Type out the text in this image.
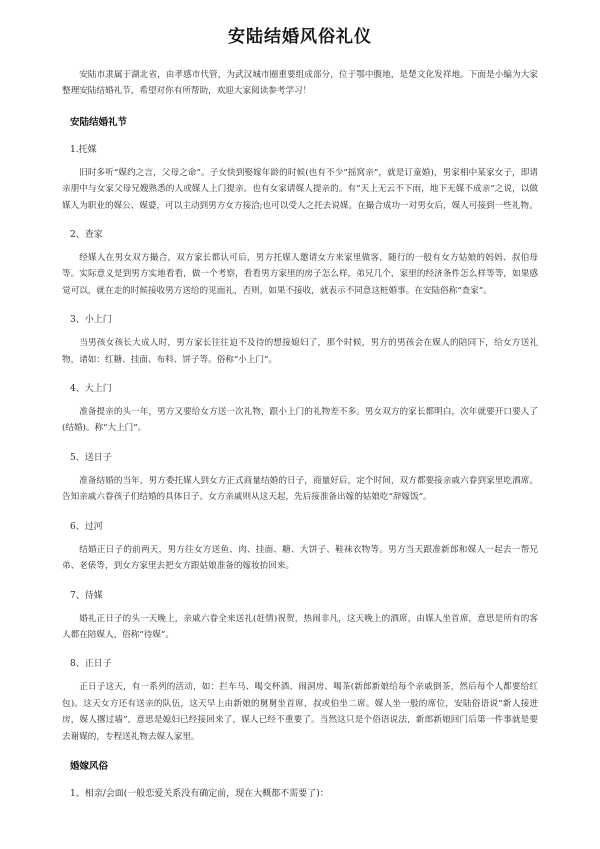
安陆结婚风俗礼仪

安陆市隶属于湖北省，由孝感市代管，为武汉城市圈重要组成部分，位于鄂中腹地，是楚文化发祥地。下面是小编为大家整理安陆结婚礼节，希望对你有所帮助，欢迎大家阅读参考学习！

安陆结婚礼节
1.托媒

旧时多听“媒约之言，父母之命”。子女快到娶嫁年龄的时候(也有不少“摇窝亲”，就是订童婚)，男家相中某家女子，即请亲朋中与女家父母兄嫂熟悉的人或媒人上门提亲。也有女家请媒人提亲的。有“天上无云不下雨，地下无媒不成亲”之说，以做媒人为职业的媒公、媒婆，可以主动到男方女方接洽;也可以受人之托去说媒。在撮合成功一对男女后，媒人可接到一些礼物。

2、查家

经媒人在男女双方撮合，双方家长都认可后，男方托媒人邀请女方来家里做客，随行的一般有女方姑娘的妈妈、叔伯母等。实际意义是到男方实地看看，做一个考察，看看男方家里的房子怎么样，弟兄几个，家里的经济条件怎么样等等，如果感觉可以，就在走的时候接收男方送给的见面礼，否则，如果不接收，就表示不同意这桩婚事。在安陆俗称“查家”。

3、小上门

当男孩女孩长大成人时，男方家长往往迫不及待的想接媳妇了，那个时候，男方的男孩会在媒人的陪同下，给女方送礼物，诸如：红糖、挂面、布料、饼子等。俗称“小上门”。

4、大上门

准备提亲的头一年，男方又要给女方送一次礼物，跟小上门的礼物差不多。男女双方的家长都明白，次年就要开口要人了(结婚)。称“大上门”。

5、送日子

准备结婚的当年，男方委托媒人到女方正式商量结婚的日子，商量好后，定个时间，双方都要接亲戚六眷到家里吃酒席。告知亲戚六眷孩子们结婚的具体日子。女方亲戚则从这天起，先后接准备出嫁的姑娘吃“辞嫁饭”。

6、过河

结婚正日子的前两天，男方往女方送鱼、肉、挂面、糖、大饼子、鞋袜衣物等。男方当天跟准新郎和媒人一起去一帮兄弟、老俵等，到女方家里去把女方跟姑娘准备的嫁妆抬回来。

7、待媒

婚礼正日子的头一天晚上，亲戚六眷全来送礼(赶情)祝贺，热闹非凡，这天晚上的酒席，由媒人坐首席，意思是所有的客人都在陪媒人，俗称“待媒”。

8、正日子

正日子这天，有一系列的活动，如：拦车马、喝交杯酒、闹洞房、喝茶(新郎新娘给每个亲戚倒茶，然后每个人都要给红包)。这天女方还有送亲的队伍，这天早上由新娘的舅舅坐首席，叔或伯坐二席。媒人坐一般的席位，安陆俗语说“新人接进房，媒人撂过墙”，意思是媳妇已经接回来了，媒人已经不重要了。当然这只是个俗语说法，新郎新娘回门后第一件事就是要去谢媒的，专程送礼物去媒人家里。

婚嫁风俗
1、相亲/会面(一般恋爱关系没有确定前，现在大概都不需要了)：
